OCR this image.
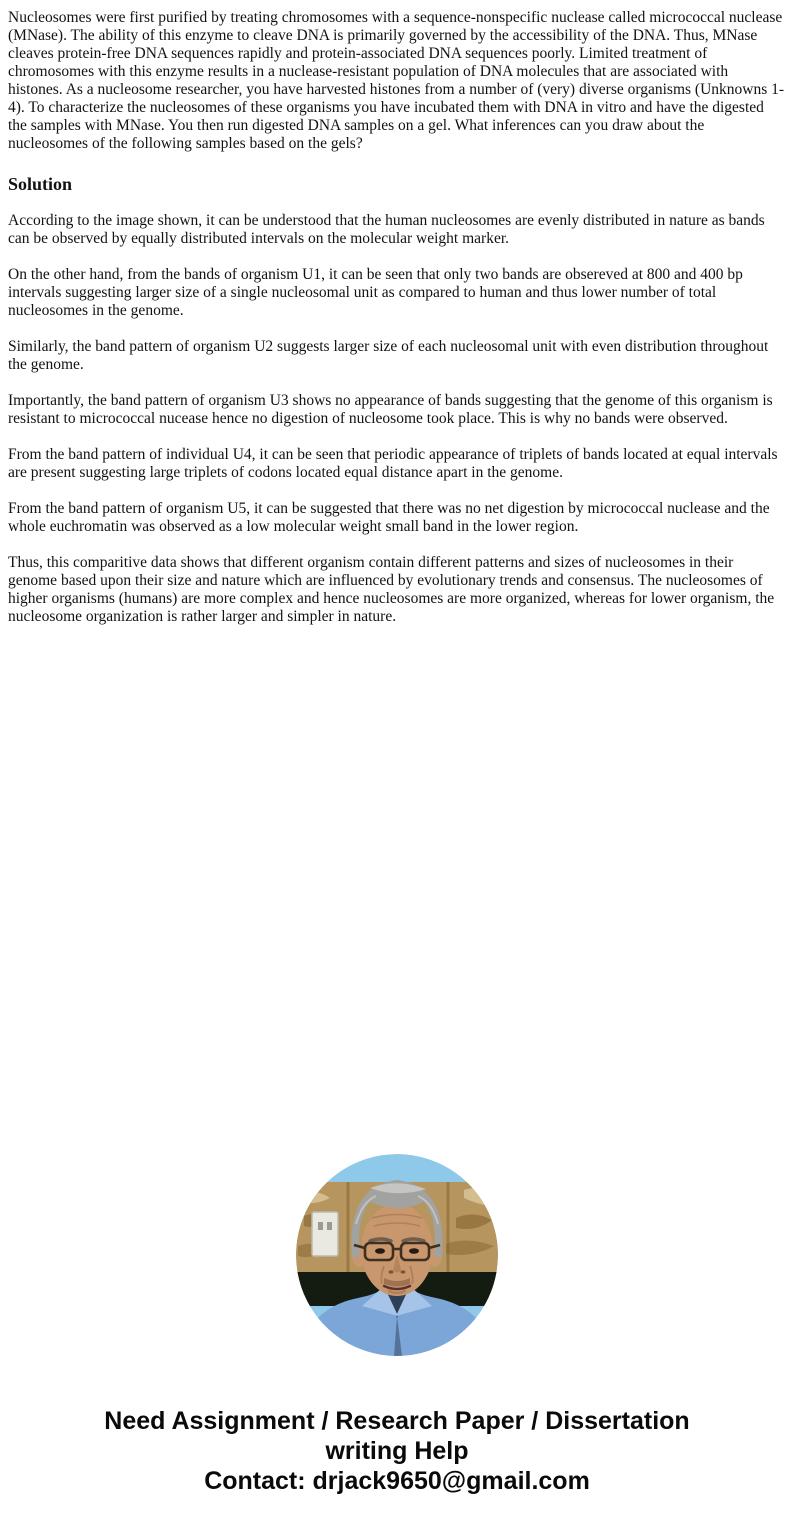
Nucleosomes were first purified by treating chromosomes with a sequence-nonspecific nuclease called micrococcal nuclease (MNase). The ability of this enzyme to cleave DNA is primarily governed by the accessibility of the DNA. Thus, MNase cleaves protein-free DNA sequences rapidly and protein-associated DNA sequences poorly. Limited treatment of chromosomes with this enzyme results in a nuclease-resistant population of DNA molecules that are associated with histones. As a nucleosome researcher, you have harvested histones from a number of (very) diverse organisms (Unknowns 1-4). To characterize the nucleosomes of these organisms you have incubated them with DNA in vitro and have the digested the samples with MNase. You then run digested DNA samples on a gel. What inferences can you draw about the nucleosomes of the following samples based on the gels?

Solution

According to the image shown, it can be understood that the human nucleosomes are evenly distributed in nature as bands can be observed by equally distributed intervals on the molecular weight marker.

On the other hand, from the bands of organism U1, it can be seen that only two bands are obsereved at 800 and 400 bp intervals suggesting larger size of a single nucleosomal unit as compared to human and thus lower number of total nucleosomes in the genome.

Similarly, the band pattern of organism U2 suggests larger size of each nucleosomal unit with even distribution throughout the genome.

Importantly, the band pattern of organism U3 shows no appearance of bands suggesting that the genome of this organism is resistant to micrococcal nucease hence no digestion of nucleosome took place. This is why no bands were observed.

From the band pattern of individual U4, it can be seen that periodic appearance of triplets of bands located at equal intervals are present suggesting large triplets of codons located equal distance apart in the genome.

From the band pattern of organism U5, it can be suggested that there was no net digestion by micrococcal nuclease and the whole euchromatin was observed as a low molecular weight small band in the lower region.

Thus, this comparitive data shows that different organism contain different patterns and sizes of nucleosomes in their genome based upon their size and nature which are influenced by evolutionary trends and consensus. The nucleosomes of higher organisms (humans) are more complex and hence nucleosomes are more organized, whereas for lower organism, the nucleosome organization is rather larger and simpler in nature.

Need Assignment / Research Paper / Dissertation
writing Help
Contact: drjack9650@gmail.com
